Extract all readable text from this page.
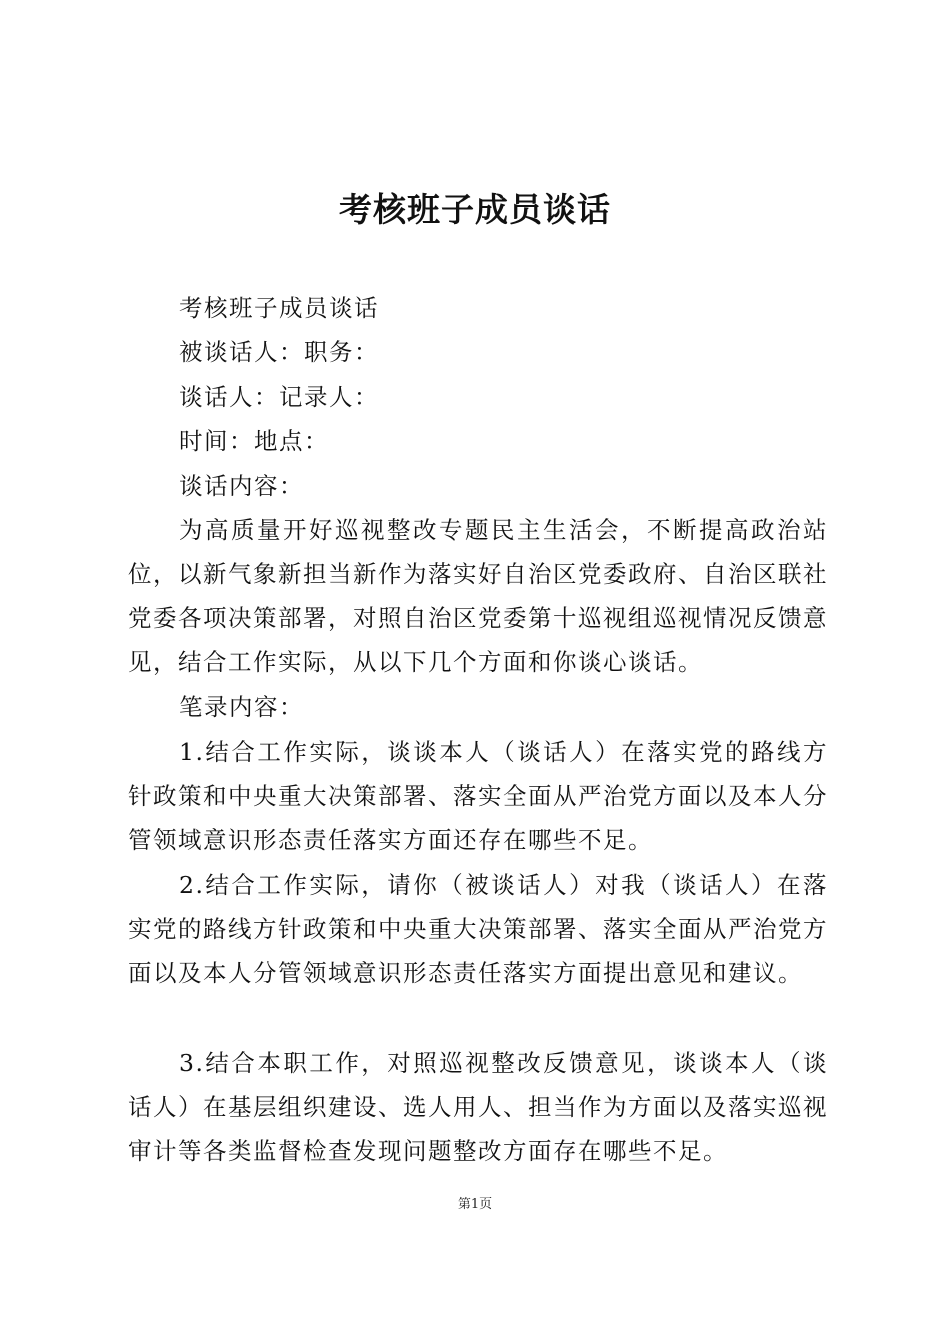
考核班子成员谈话

考核班子成员谈话

被谈话人：职务：

谈话人：记录人：

时间：地点：

谈话内容：

为高质量开好巡视整改专题民主生活会，不断提高政治站位，以新气象新担当新作为落实好自治区党委政府、自治区联社党委各项决策部署，对照自治区党委第十巡视组巡视情况反馈意见，结合工作实际，从以下几个方面和你谈心谈话。

笔录内容：

1.结合工作实际，谈谈本人（谈话人）在落实党的路线方针政策和中央重大决策部署、落实全面从严治党方面以及本人分管领域意识形态责任落实方面还存在哪些不足。

2.结合工作实际，请你（被谈话人）对我（谈话人）在落实党的路线方针政策和中央重大决策部署、落实全面从严治党方面以及本人分管领域意识形态责任落实方面提出意见和建议。

3.结合本职工作，对照巡视整改反馈意见，谈谈本人（谈话人）在基层组织建设、选人用人、担当作为方面以及落实巡视审计等各类监督检查发现问题整改方面存在哪些不足。

第1页
